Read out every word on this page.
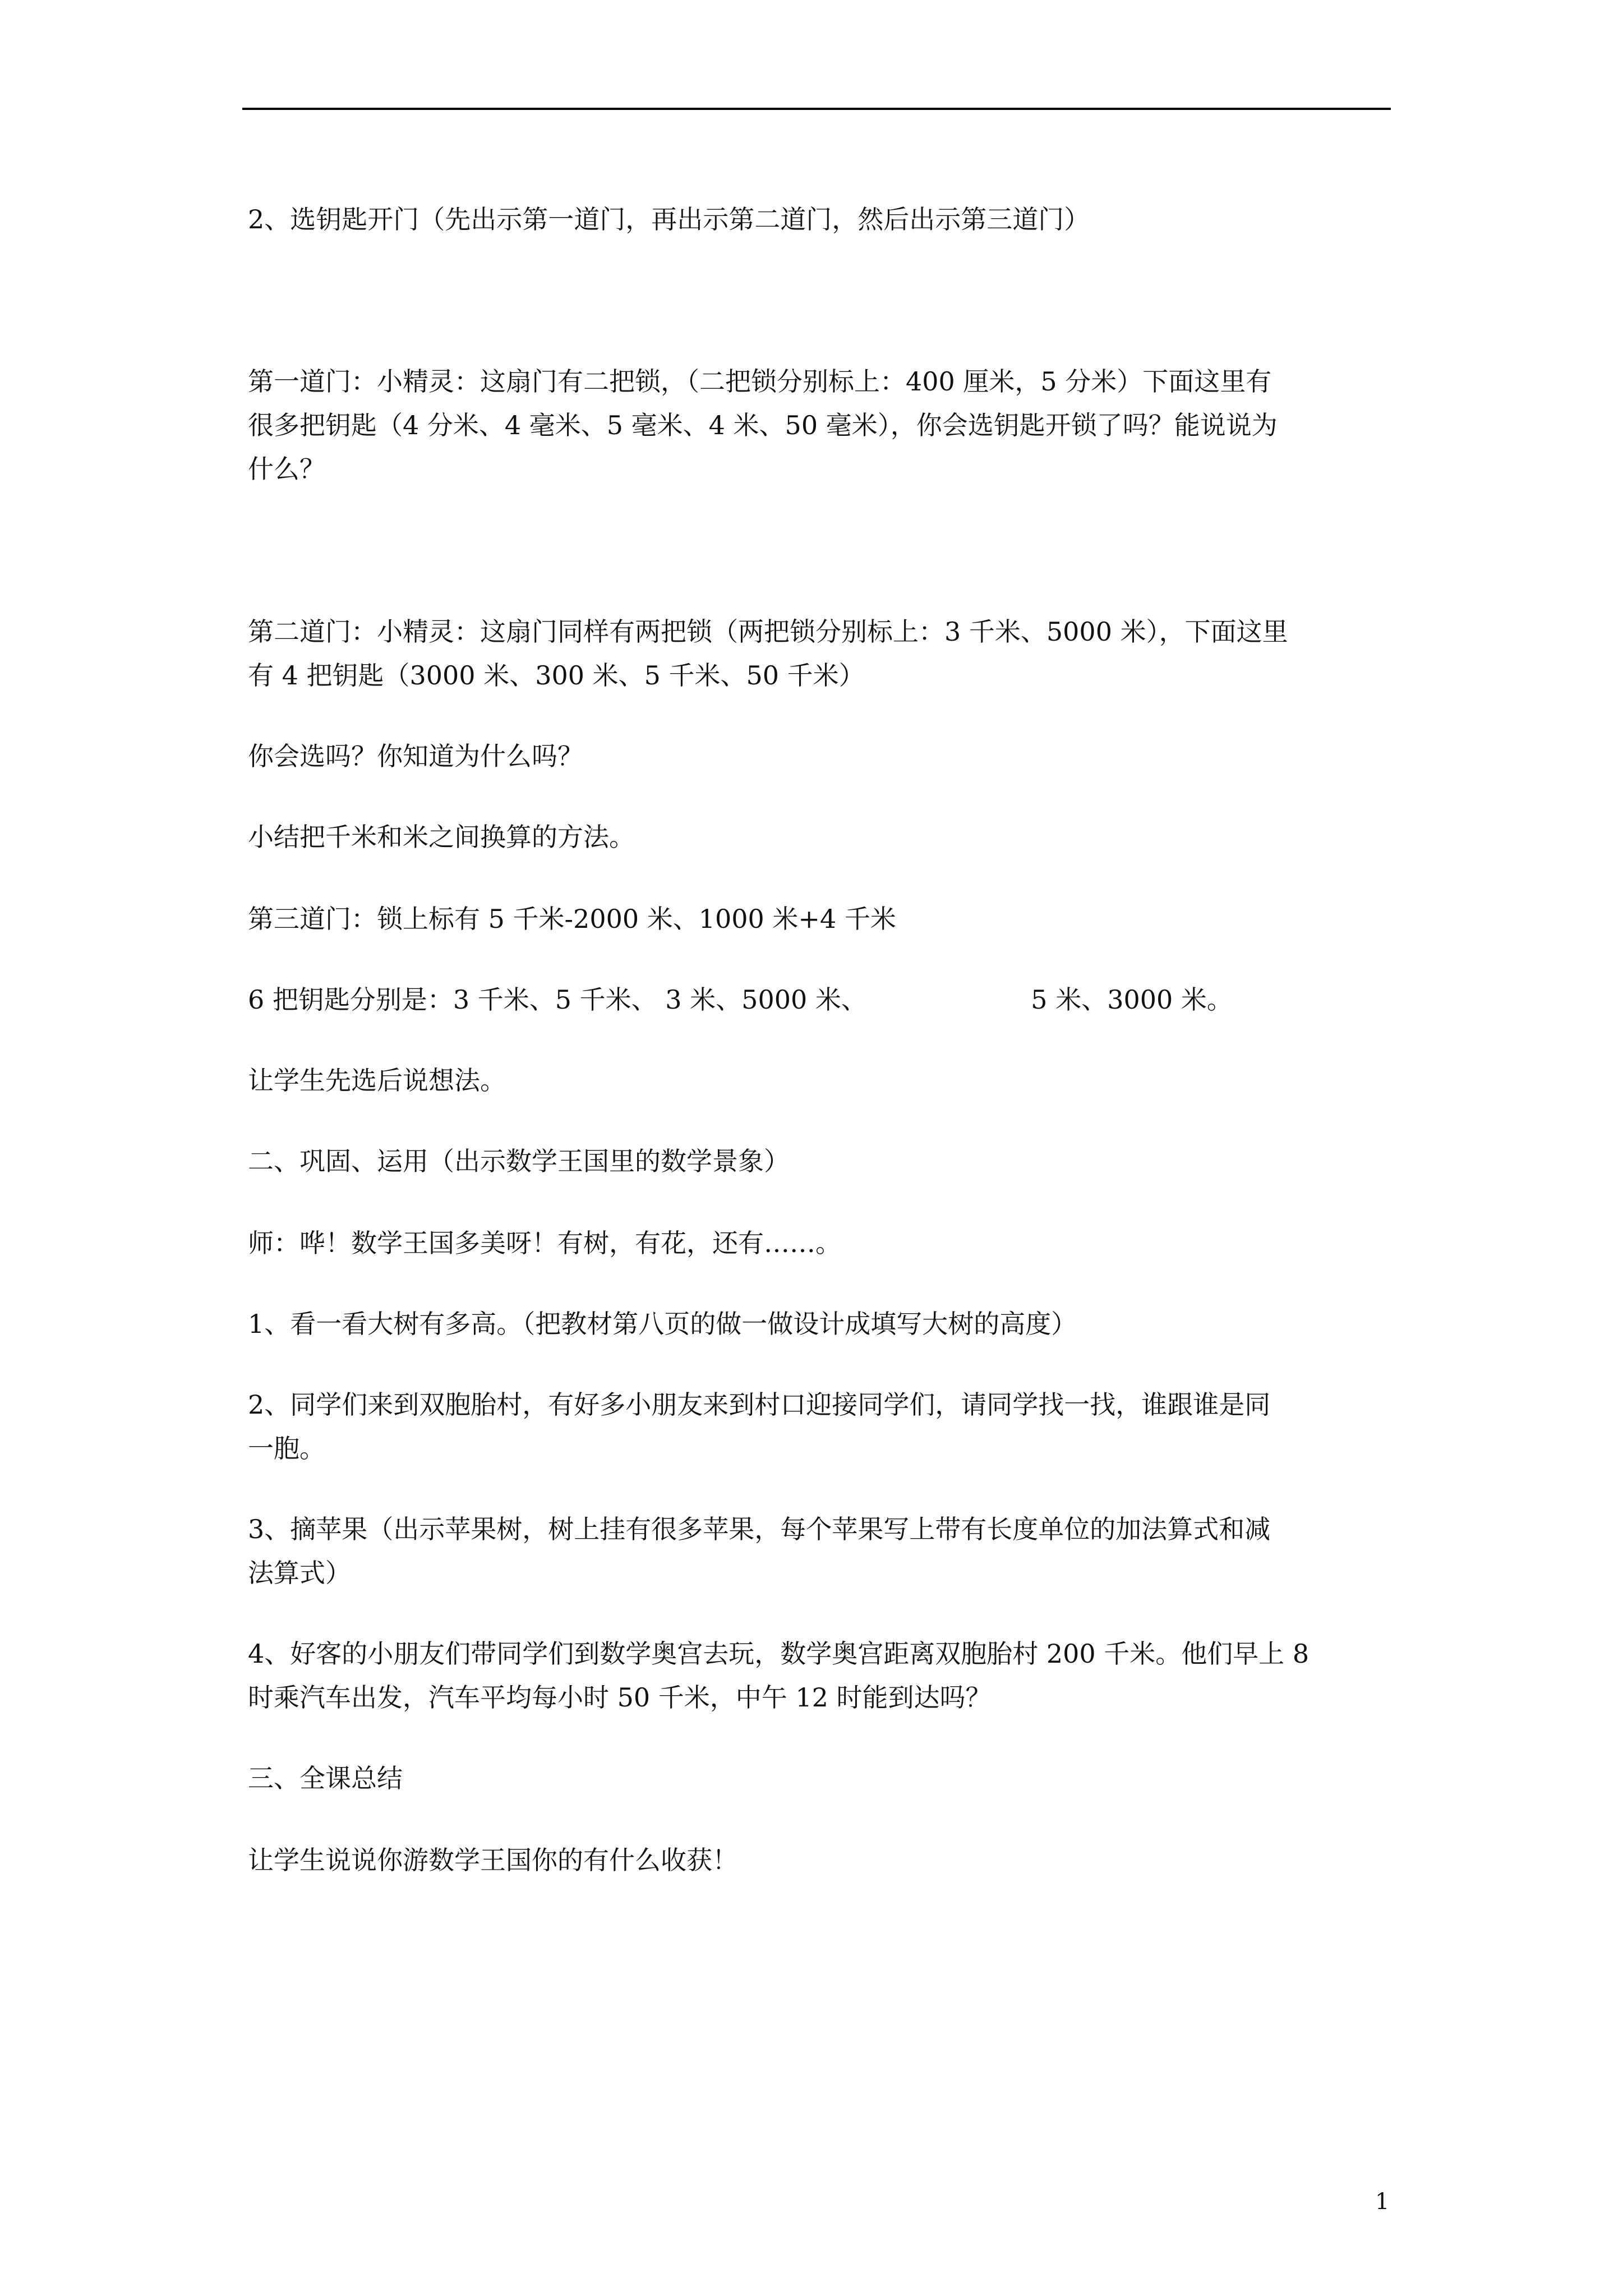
2、选钥匙开门（先出示第一道门，再出示第二道门，然后出示第三道门）
第一道门：小精灵：这扇门有二把锁，（二把锁分别标上：400 厘米，5 分米）下面这里有
很多把钥匙（4 分米、4 毫米、5 毫米、4 米、50 毫米），你会选钥匙开锁了吗？能说说为
什么？
第二道门：小精灵：这扇门同样有两把锁（两把锁分别标上：3 千米、5000 米），下面这里
有 4 把钥匙（3000 米、300 米、5 千米、50 千米）
你会选吗？你知道为什么吗？
小结把千米和米之间换算的方法。
第三道门：锁上标有 5 千米-2000 米、1000 米+4 千米
6 把钥匙分别是：3 千米、5 千米、 3 米、5000 米、                    5 米、3000 米。
让学生先选后说想法。
二、巩固、运用（出示数学王国里的数学景象）
师：哗！数学王国多美呀！有树，有花，还有……。
1、看一看大树有多高。（把教材第八页的做一做设计成填写大树的高度）
2、同学们来到双胞胎村，有好多小朋友来到村口迎接同学们，请同学找一找，谁跟谁是同
一胞。
3、摘苹果（出示苹果树，树上挂有很多苹果，每个苹果写上带有长度单位的加法算式和减
法算式）
4、好客的小朋友们带同学们到数学奥宫去玩，数学奥宫距离双胞胎村 200 千米。他们早上 8
时乘汽车出发，汽车平均每小时 50 千米，中午 12 时能到达吗？
三、全课总结
让学生说说你游数学王国你的有什么收获！
1
